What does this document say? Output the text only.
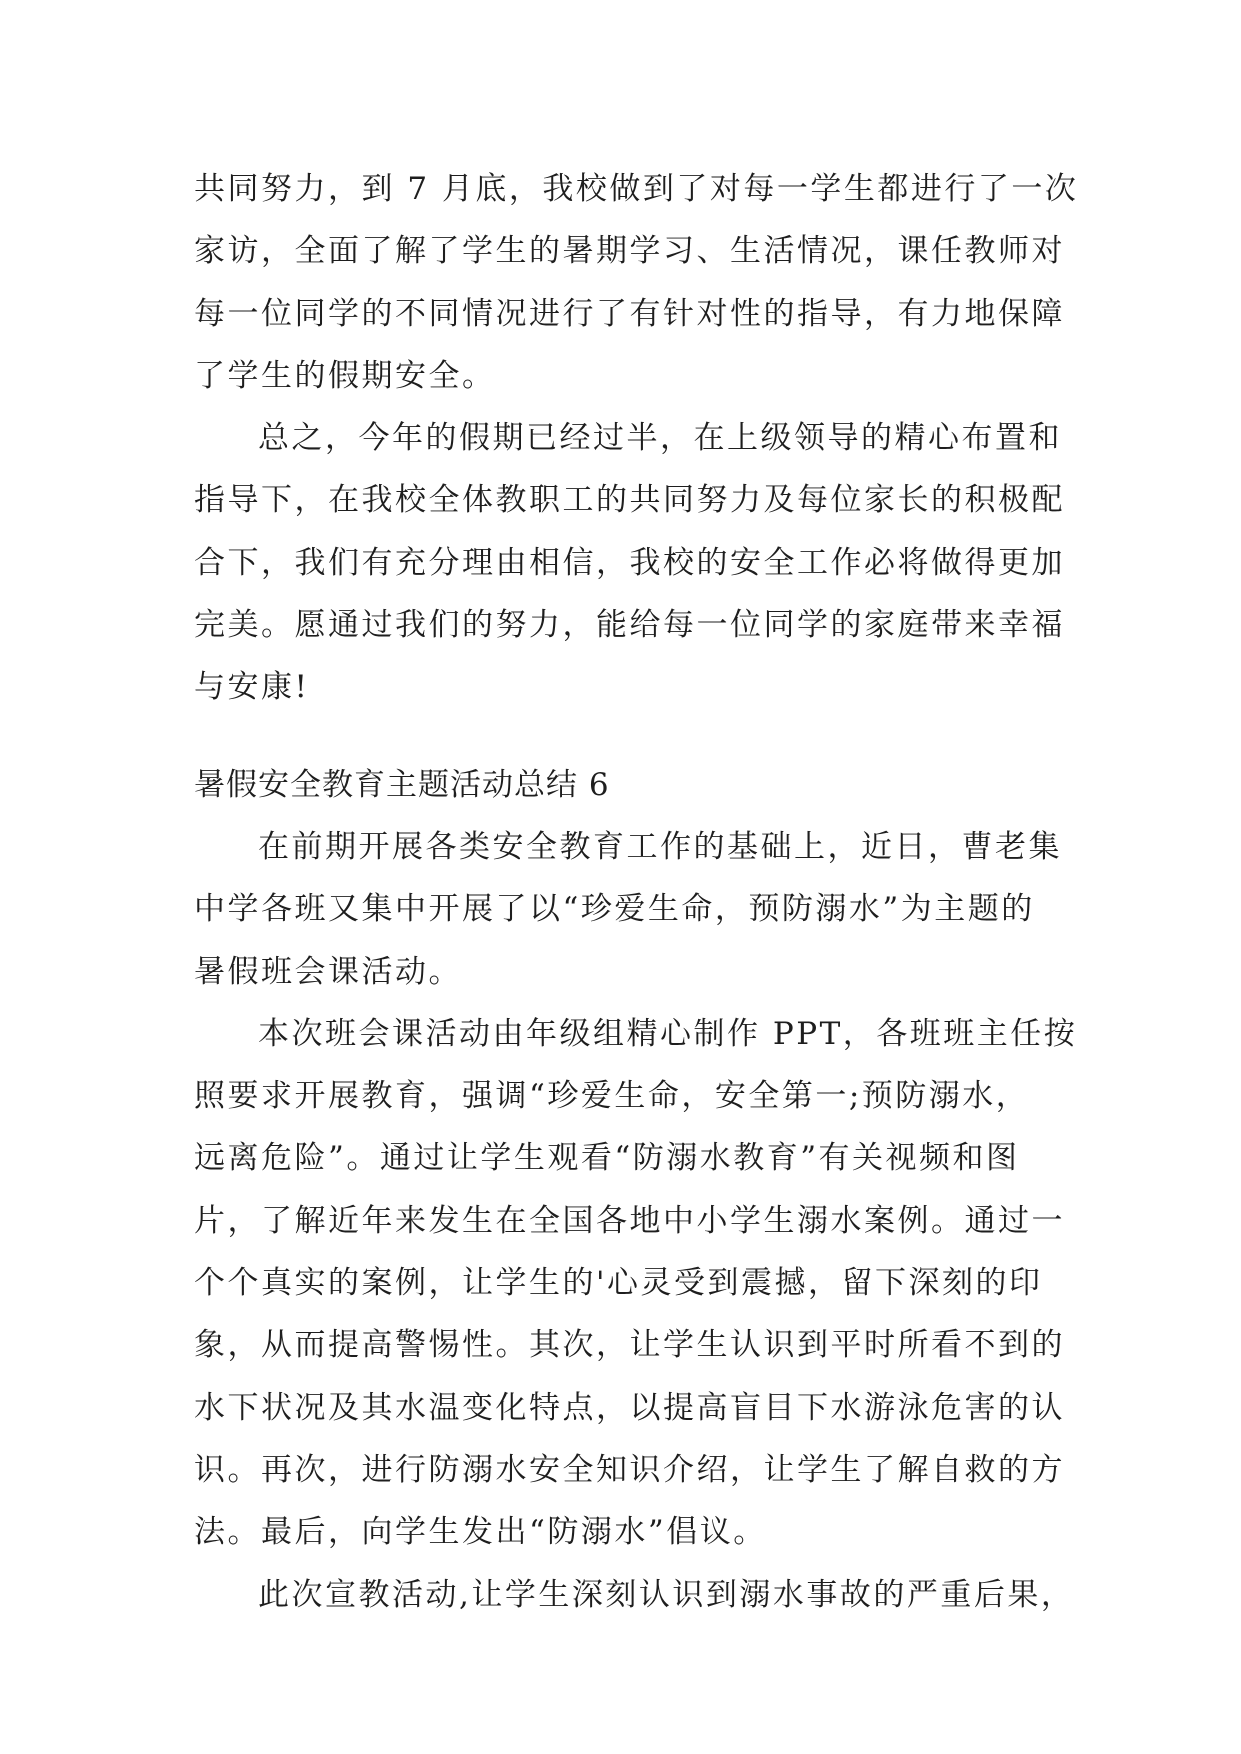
共同努力，到 7 月底，我校做到了对每一学生都进行了一次
家访，全面了解了学生的暑期学习、生活情况，课任教师对
每一位同学的不同情况进行了有针对性的指导，有力地保障
了学生的假期安全。
总之，今年的假期已经过半，在上级领导的精心布置和
指导下，在我校全体教职工的共同努力及每位家长的积极配
合下，我们有充分理由相信，我校的安全工作必将做得更加
完美。愿通过我们的努力，能给每一位同学的家庭带来幸福
与安康!
暑假安全教育主题活动总结 6
在前期开展各类安全教育工作的基础上，近日，曹老集
中学各班又集中开展了以“珍爱生命，预防溺水”为主题的
暑假班会课活动。
本次班会课活动由年级组精心制作 PPT，各班班主任按
照要求开展教育，强调“珍爱生命，安全第一;预防溺水，
远离危险”。通过让学生观看“防溺水教育”有关视频和图
片，了解近年来发生在全国各地中小学生溺水案例。通过一
个个真实的案例，让学生的'心灵受到震撼，留下深刻的印
象，从而提高警惕性。其次，让学生认识到平时所看不到的
水下状况及其水温变化特点，以提高盲目下水游泳危害的认
识。再次，进行防溺水安全知识介绍，让学生了解自救的方
法。最后，向学生发出“防溺水”倡议。
此次宣教活动,让学生深刻认识到溺水事故的严重后果，
